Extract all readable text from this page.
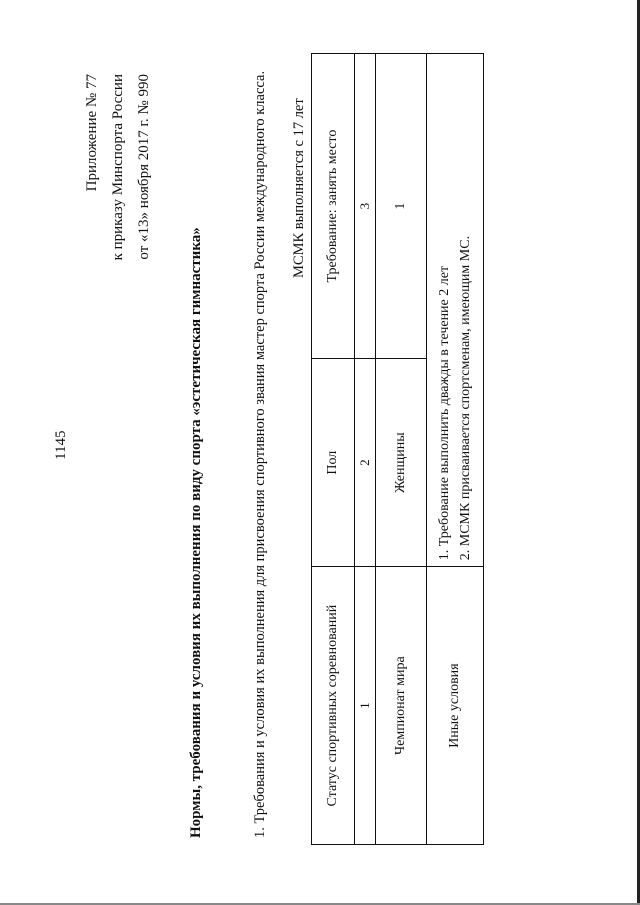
1145
Приложение № 77 к приказу Минспорта России от «13» ноября 2017 г. № 990
Нормы, требования и условия их выполнения по виду спорта «эстетическая гимнастика»	1. Требования и условия их выполнения для присвоения спортивного звания мастер спорта России международного класса. МСМК выполняется с 17 лет
Статус спортивных соревнований	Пол	Требование: занять место
1	2	3
Чемпионат мира	Женщины	1
Иные условия	1. Требование выполнить дважды в течение 2 лет 2. МСМК присваивается спортсменам, имеющим МС.	
